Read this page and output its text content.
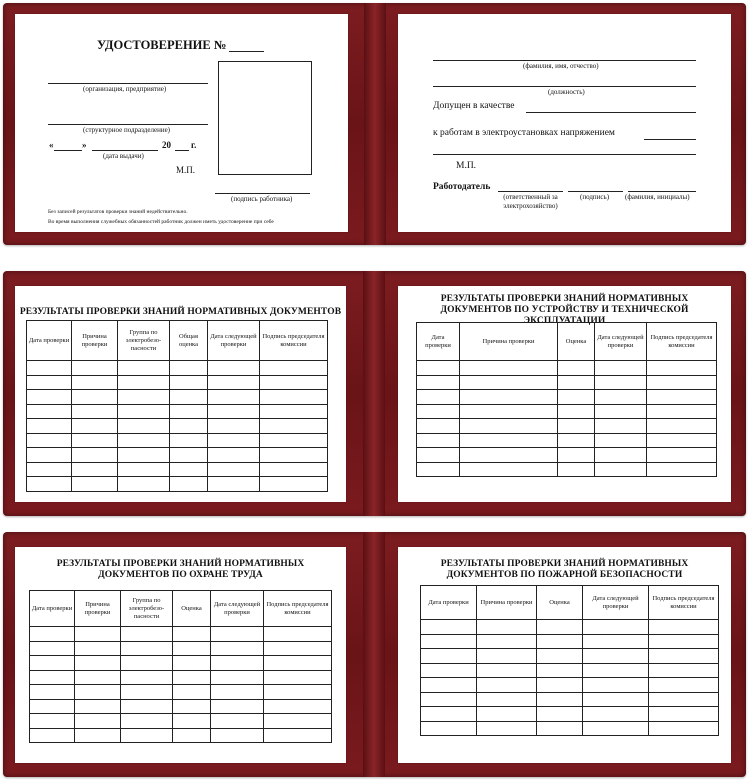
УДОСТОВЕРЕНИЕ №
(организация, предприятие)
(структурное подразделение)
«	»	20 г.
(дата выдачи)
М.П.
(подпись работника)
Без записей результатов проверки знаний недействительно.
Во время выполнения служебных обязанностей работник должен иметь удостоверение при себе
(фамилия, имя, отчество)
(должность)
Допущен в качестве
к работам в электроустановках напряжением
М.П.
Работодатель
(ответственный за электрохозяйство)
(подпись) (фамилия, инициалы)
РЕЗУЛЬТАТЫ ПРОВЕРКИ ЗНАНИЙ НОРМАТИВНЫХ ДОКУМЕНТОВ
Дата проверки	Причина проверки	Группа по электробезо-пасности	Общая оценка	Дата следующей проверки	Подпись председателя комиссии

РЕЗУЛЬТАТЫ ПРОВЕРКИ ЗНАНИЙ НОРМАТИВНЫХ ДОКУМЕНТОВ ПО УСТРОЙСТВУ И ТЕХНИЧЕСКОЙ ЭКСПЛУАТАЦИИ
Дата проверки	Причина проверки	Оценка	Дата следующей проверки	Подпись председателя комиссии

РЕЗУЛЬТАТЫ ПРОВЕРКИ ЗНАНИЙ НОРМАТИВНЫХ ДОКУМЕНТОВ ПО ОХРАНЕ ТРУДА
Дата проверки	Причина проверки	Группа по электробезо-пасности	Оценка	Дата следующей проверки	Подпись председателя комиссии

РЕЗУЛЬТАТЫ ПРОВЕРКИ ЗНАНИЙ НОРМАТИВНЫХ ДОКУМЕНТОВ ПО ПОЖАРНОЙ БЕЗОПАСНОСТИ
Дата проверки	Причина проверки	Оценка	Дата следующей проверки	Подпись председателя комиссии
